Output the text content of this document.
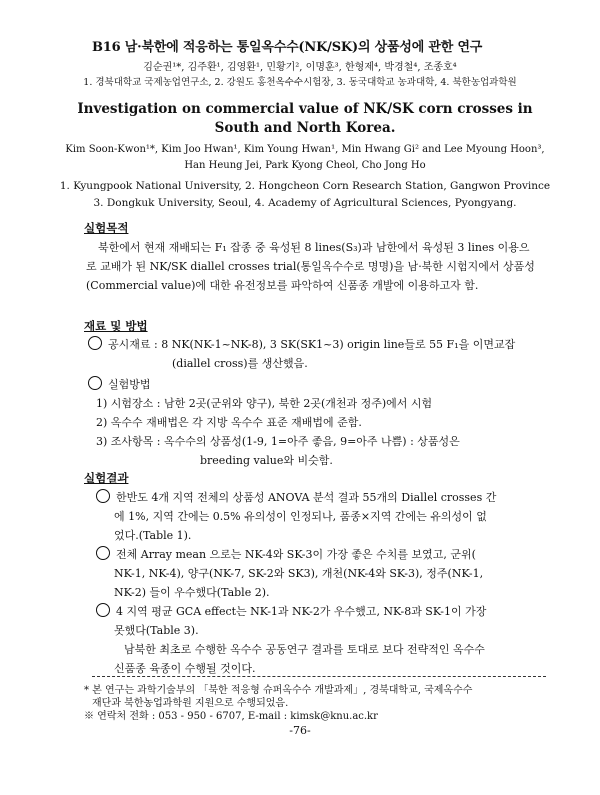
B16 남·북한에 적응하는 통일옥수수(NK/SK)의 상품성에 관한 연구
김순권¹*, 김주환¹, 김영환¹, 민황기², 이명훈³, 한형제⁴, 박경철⁴, 조종호⁴
1. 경북대학교 국제농업연구소, 2. 강원도 홍천옥수수시험장, 3. 동국대학교 농과대학, 4. 북한농업과학원
Investigation on commercial value of NK/SK corn crosses in South and North Korea.
Kim Soon-Kwon¹*, Kim Joo Hwan¹, Kim Young Hwan¹, Min Hwang Gi² and Lee Myoung Hoon³, Han Heung Jei, Park Kyong Cheol, Cho Jong Ho
1. Kyungpook National University, 2. Hongcheon Corn Research Station, Gangwon Province
3. Dongkuk University, Seoul, 4. Academy of Agricultural Sciences, Pyongyang.
실험목적
북한에서 현재 재배되는 F₁ 잡종 중 육성된 8 lines(S₃)과 남한에서 육성된 3 lines 이용으로 교배가 된 NK/SK diallel crosses trial(통일옥수수로 명명)을 남·북한 시험지에서 상품성(Commercial value)에 대한 유전정보를 파악하여 신품종 개발에 이용하고자 함.
재료 및 방법
공시재료 : 8 NK(NK-1~NK-8), 3 SK(SK1~3) origin line들로 55 F₁을 이면교잡
(diallel cross)를 생산했음.
실험방법
1) 시험장소 : 남한 2곳(군위와 양구), 북한 2곳(개천과 정주)에서 시험
2) 옥수수 재배법은 각 지방 옥수수 표준 재배법에 준함.
3) 조사항목 : 옥수수의 상품성(1-9, 1=아주 좋음, 9=아주 나쁨) : 상품성은
breeding value와 비슷함.
실험결과
한반도 4개 지역 전체의 상품성 ANOVA 분석 결과 55개의 Diallel crosses 간
에 1%, 지역 간에는 0.5% 유의성이 인정되나, 품종×지역 간에는 유의성이 없
었다.(Table 1).
전체 Array mean 으로는 NK-4와 SK-3이 가장 좋은 수치를 보였고, 군위(
NK-1, NK-4), 양구(NK-7, SK-2와 SK3), 개천(NK-4와 SK-3), 정주(NK-1,
NK-2) 들이 우수했다(Table 2).
4 지역 평균 GCA effect는 NK-1과 NK-2가 우수했고, NK-8과 SK-1이 가장
못했다(Table 3).
남북한 최초로 수행한 옥수수 공동연구 결과를 토대로 보다 전략적인 옥수수
신품종 육종이 수행될 것이다.
* 본 연구는 과학기술부의 「북한 적응형 슈퍼옥수수 개발과제」, 경북대학교, 국제옥수수
재단과 북한농업과학원 지원으로 수행되었음.
※ 연락처 전화 : 053 - 950 - 6707, E-mail : kimsk@knu.ac.kr
-76-
